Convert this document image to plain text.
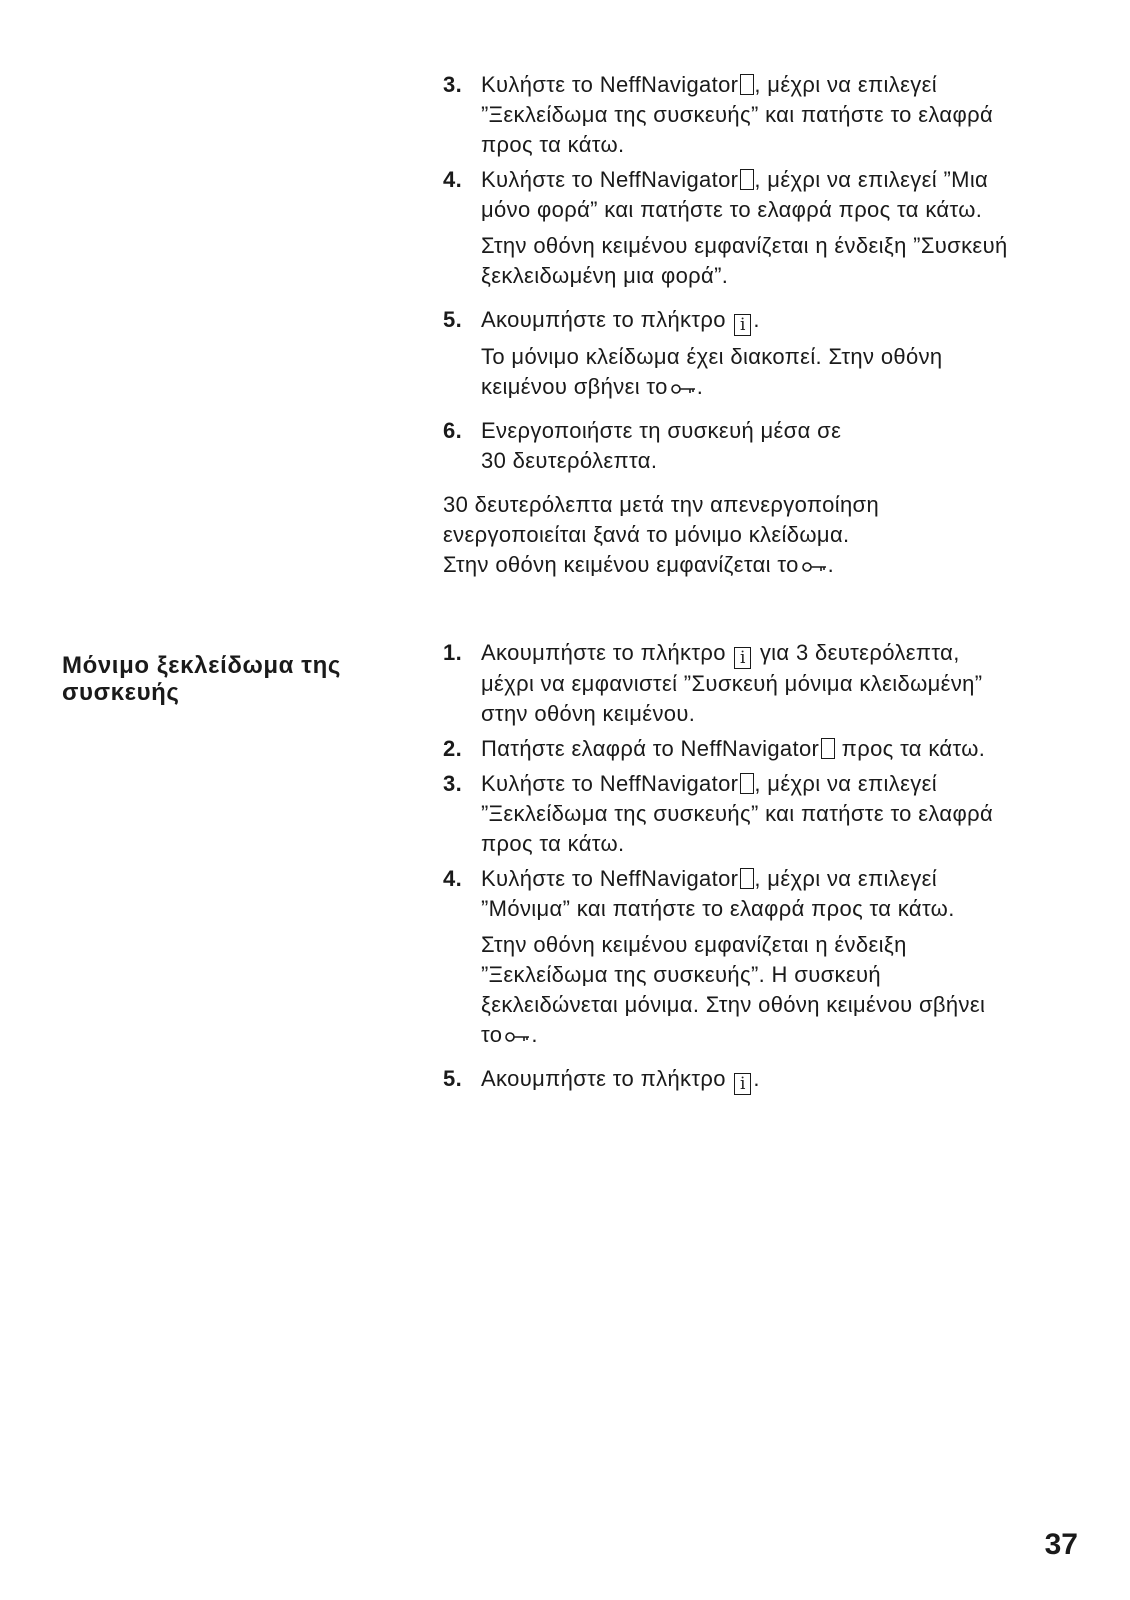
3. Κυλήστε το NeffNavigator , μέχρι να επιλεγεί
”Ξεκλείδωμα της συσκευής” και πατήστε το ελαφρά
προς τα κάτω.
4. Κυλήστε το NeffNavigator , μέχρι να επιλεγεί ”Μια
μόνο φορά” και πατήστε το ελαφρά προς τα κάτω.
Στην οθόνη κειμένου εμφανίζεται η ένδειξη ”Συσκευή
ξεκλειδωμένη μια φορά”.
5. Ακουμπήστε το πλήκτρο i .
Το μόνιμο κλείδωμα έχει διακοπεί. Στην οθόνη
κειμένου σβήνει το .
6. Ενεργοποιήστε τη συσκευή μέσα σε
30 δευτερόλεπτα.
30 δευτερόλεπτα μετά την απενεργοποίηση
ενεργοποιείται ξανά το μόνιμο κλείδωμα.
Στην οθόνη κειμένου εμφανίζεται το .
Μόνιμο ξεκλείδωμα της
συσκευής
1. Ακουμπήστε το πλήκτρο i για 3 δευτερόλεπτα,
μέχρι να εμφανιστεί ”Συσκευή μόνιμα κλειδωμένη”
στην οθόνη κειμένου.
2. Πατήστε ελαφρά το NeffNavigator προς τα κάτω.
3. Κυλήστε το NeffNavigator , μέχρι να επιλεγεί
”Ξεκλείδωμα της συσκευής” και πατήστε το ελαφρά
προς τα κάτω.
4. Κυλήστε το NeffNavigator , μέχρι να επιλεγεί
”Μόνιμα” και πατήστε το ελαφρά προς τα κάτω.
Στην οθόνη κειμένου εμφανίζεται η ένδειξη
”Ξεκλείδωμα της συσκευής”. Η συσκευή
ξεκλειδώνεται μόνιμα. Στην οθόνη κειμένου σβήνει
το .
5. Ακουμπήστε το πλήκτρο i .
37
